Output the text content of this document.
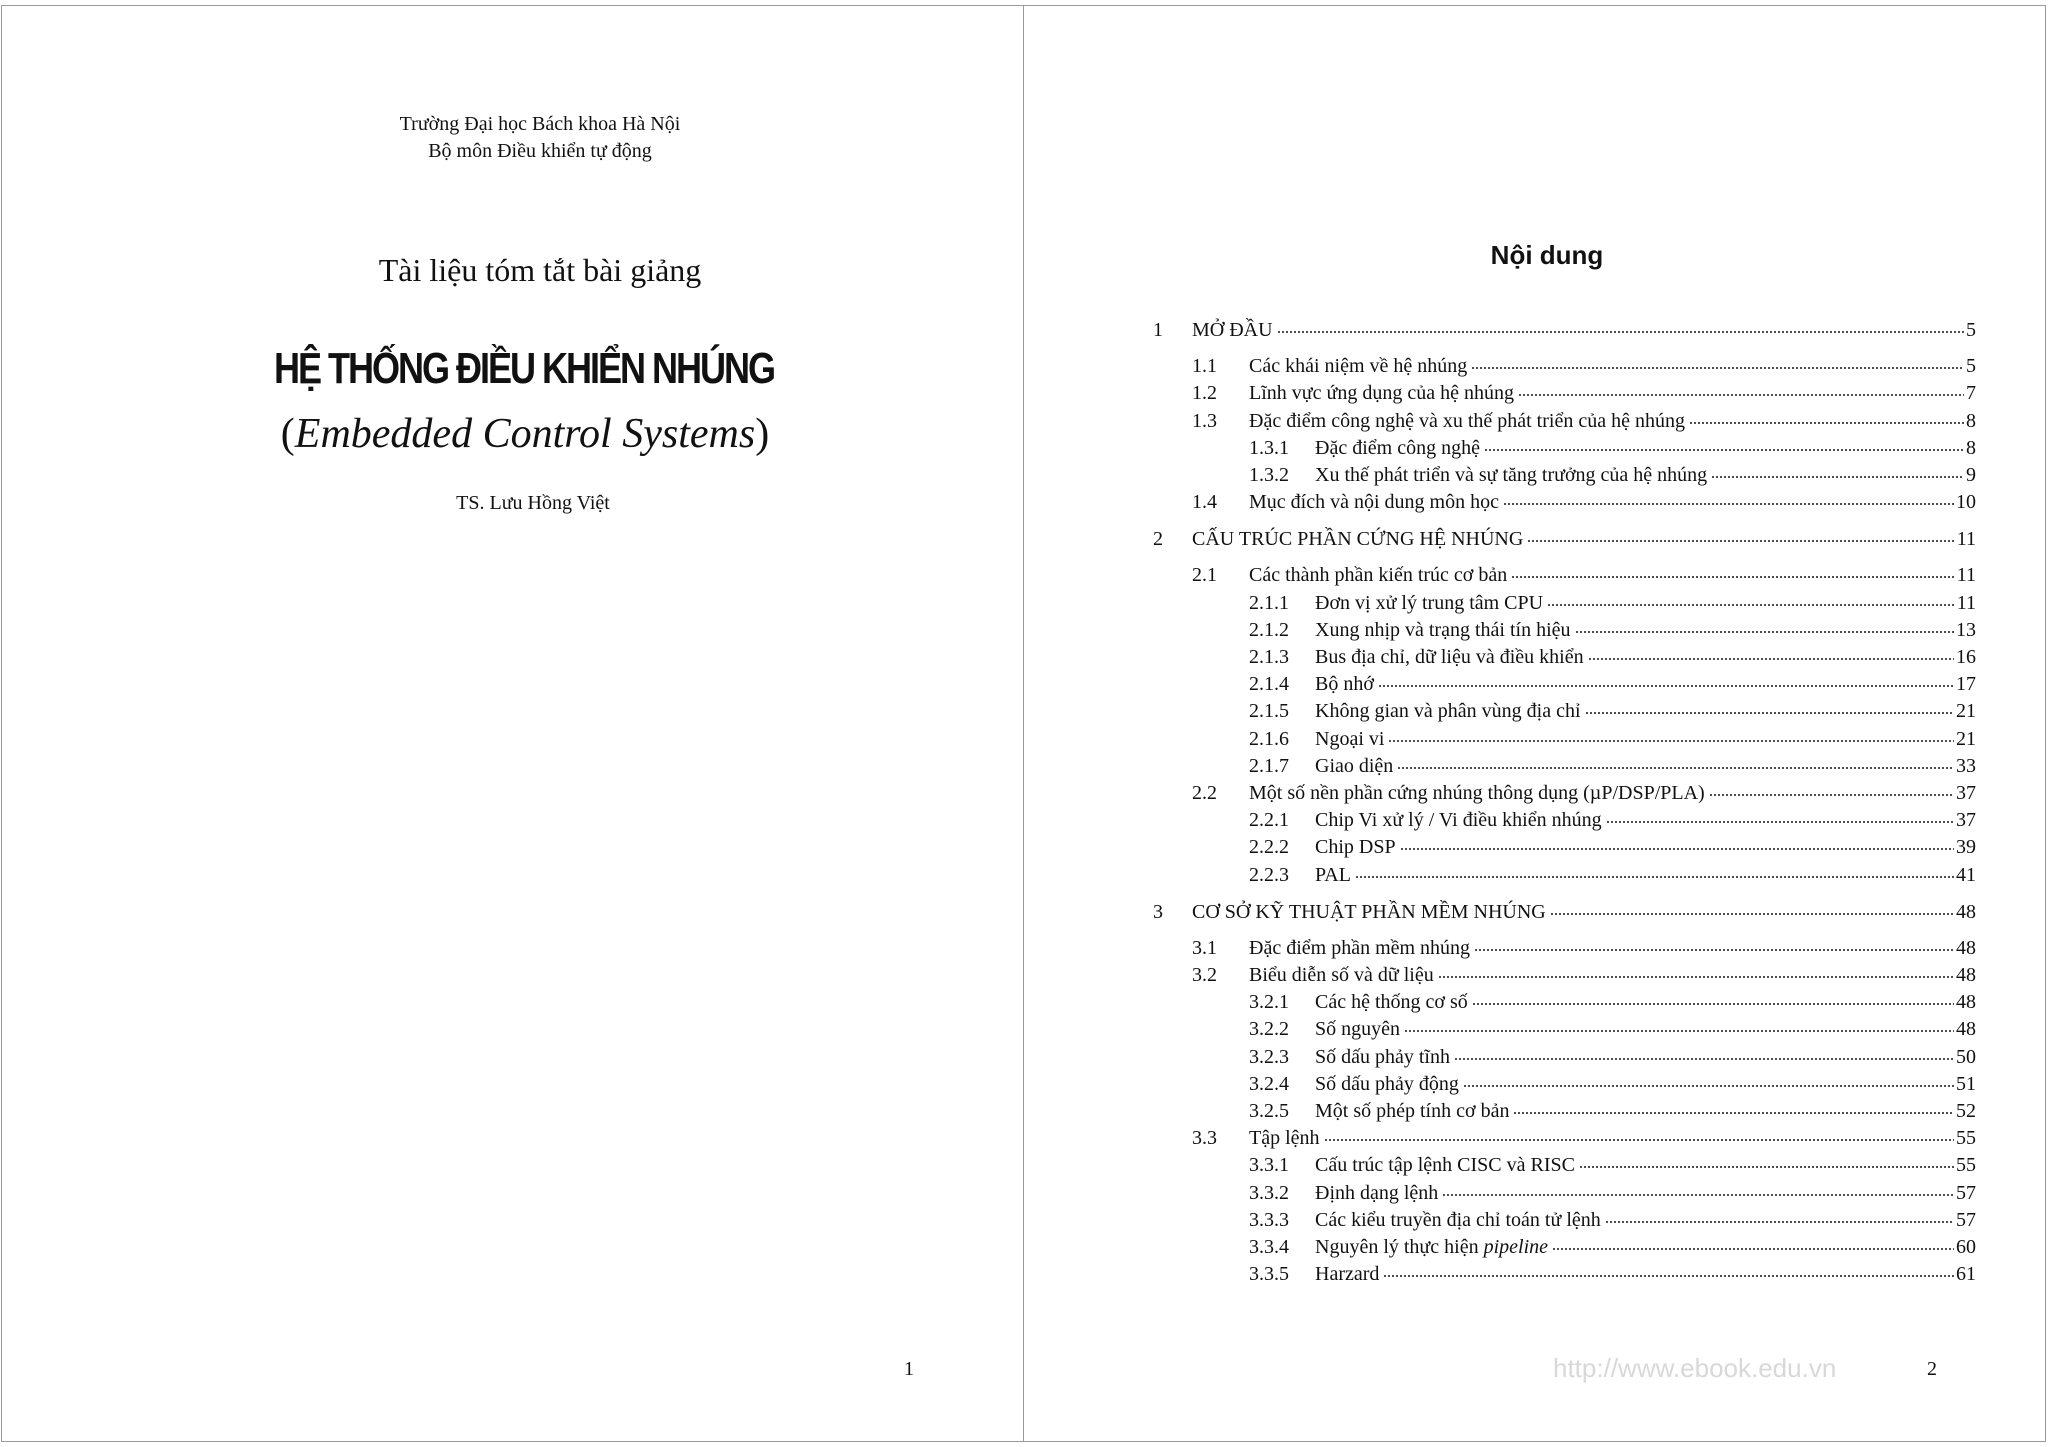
Trường Đại học Bách khoa Hà Nội
Bộ môn Điều khiển tự động
Tài liệu tóm tắt bài giảng
HỆ THỐNG ĐIỀU KHIỂN NHÚNG
(Embedded Control Systems)
TS. Lưu Hồng Việt
1
Nội dung
1	MỞ ĐẦU	5
1.1	Các khái niệm về hệ nhúng	5
1.2	Lĩnh vực ứng dụng của hệ nhúng	7
1.3	Đặc điểm công nghệ và xu thế phát triển của hệ nhúng	8
1.3.1	Đặc điểm công nghệ	8
1.3.2	Xu thế phát triển và sự tăng trưởng của hệ nhúng	9
1.4	Mục đích và nội dung môn học	10
2	CẤU TRÚC PHẦN CỨNG HỆ NHÚNG	11
2.1	Các thành phần kiến trúc cơ bản	11
2.1.1	Đơn vị xử lý trung tâm CPU	11
2.1.2	Xung nhịp và trạng thái tín hiệu	13
2.1.3	Bus địa chỉ, dữ liệu và điều khiển	16
2.1.4	Bộ nhớ	17
2.1.5	Không gian và phân vùng địa chỉ	21
2.1.6	Ngoại vi	21
2.1.7	Giao diện	33
2.2	Một số nền phần cứng nhúng thông dụng (µP/DSP/PLA)	37
2.2.1	Chip Vi xử lý / Vi điều khiển nhúng	37
2.2.2	Chip DSP	39
2.2.3	PAL	41
3	CƠ SỞ KỸ THUẬT PHẦN MỀM NHÚNG	48
3.1	Đặc điểm phần mềm nhúng	48
3.2	Biểu diễn số và dữ liệu	48
3.2.1	Các hệ thống cơ số	48
3.2.2	Số nguyên	48
3.2.3	Số dấu phảy tĩnh	50
3.2.4	Số dấu phảy động	51
3.2.5	Một số phép tính cơ bản	52
3.3	Tập lệnh	55
3.3.1	Cấu trúc tập lệnh CISC và RISC	55
3.3.2	Định dạng lệnh	57
3.3.3	Các kiểu truyền địa chỉ toán tử lệnh	57
3.3.4	Nguyên lý thực hiện pipeline	60
3.3.5	Harzard	61
http://www.ebook.edu.vn	2
